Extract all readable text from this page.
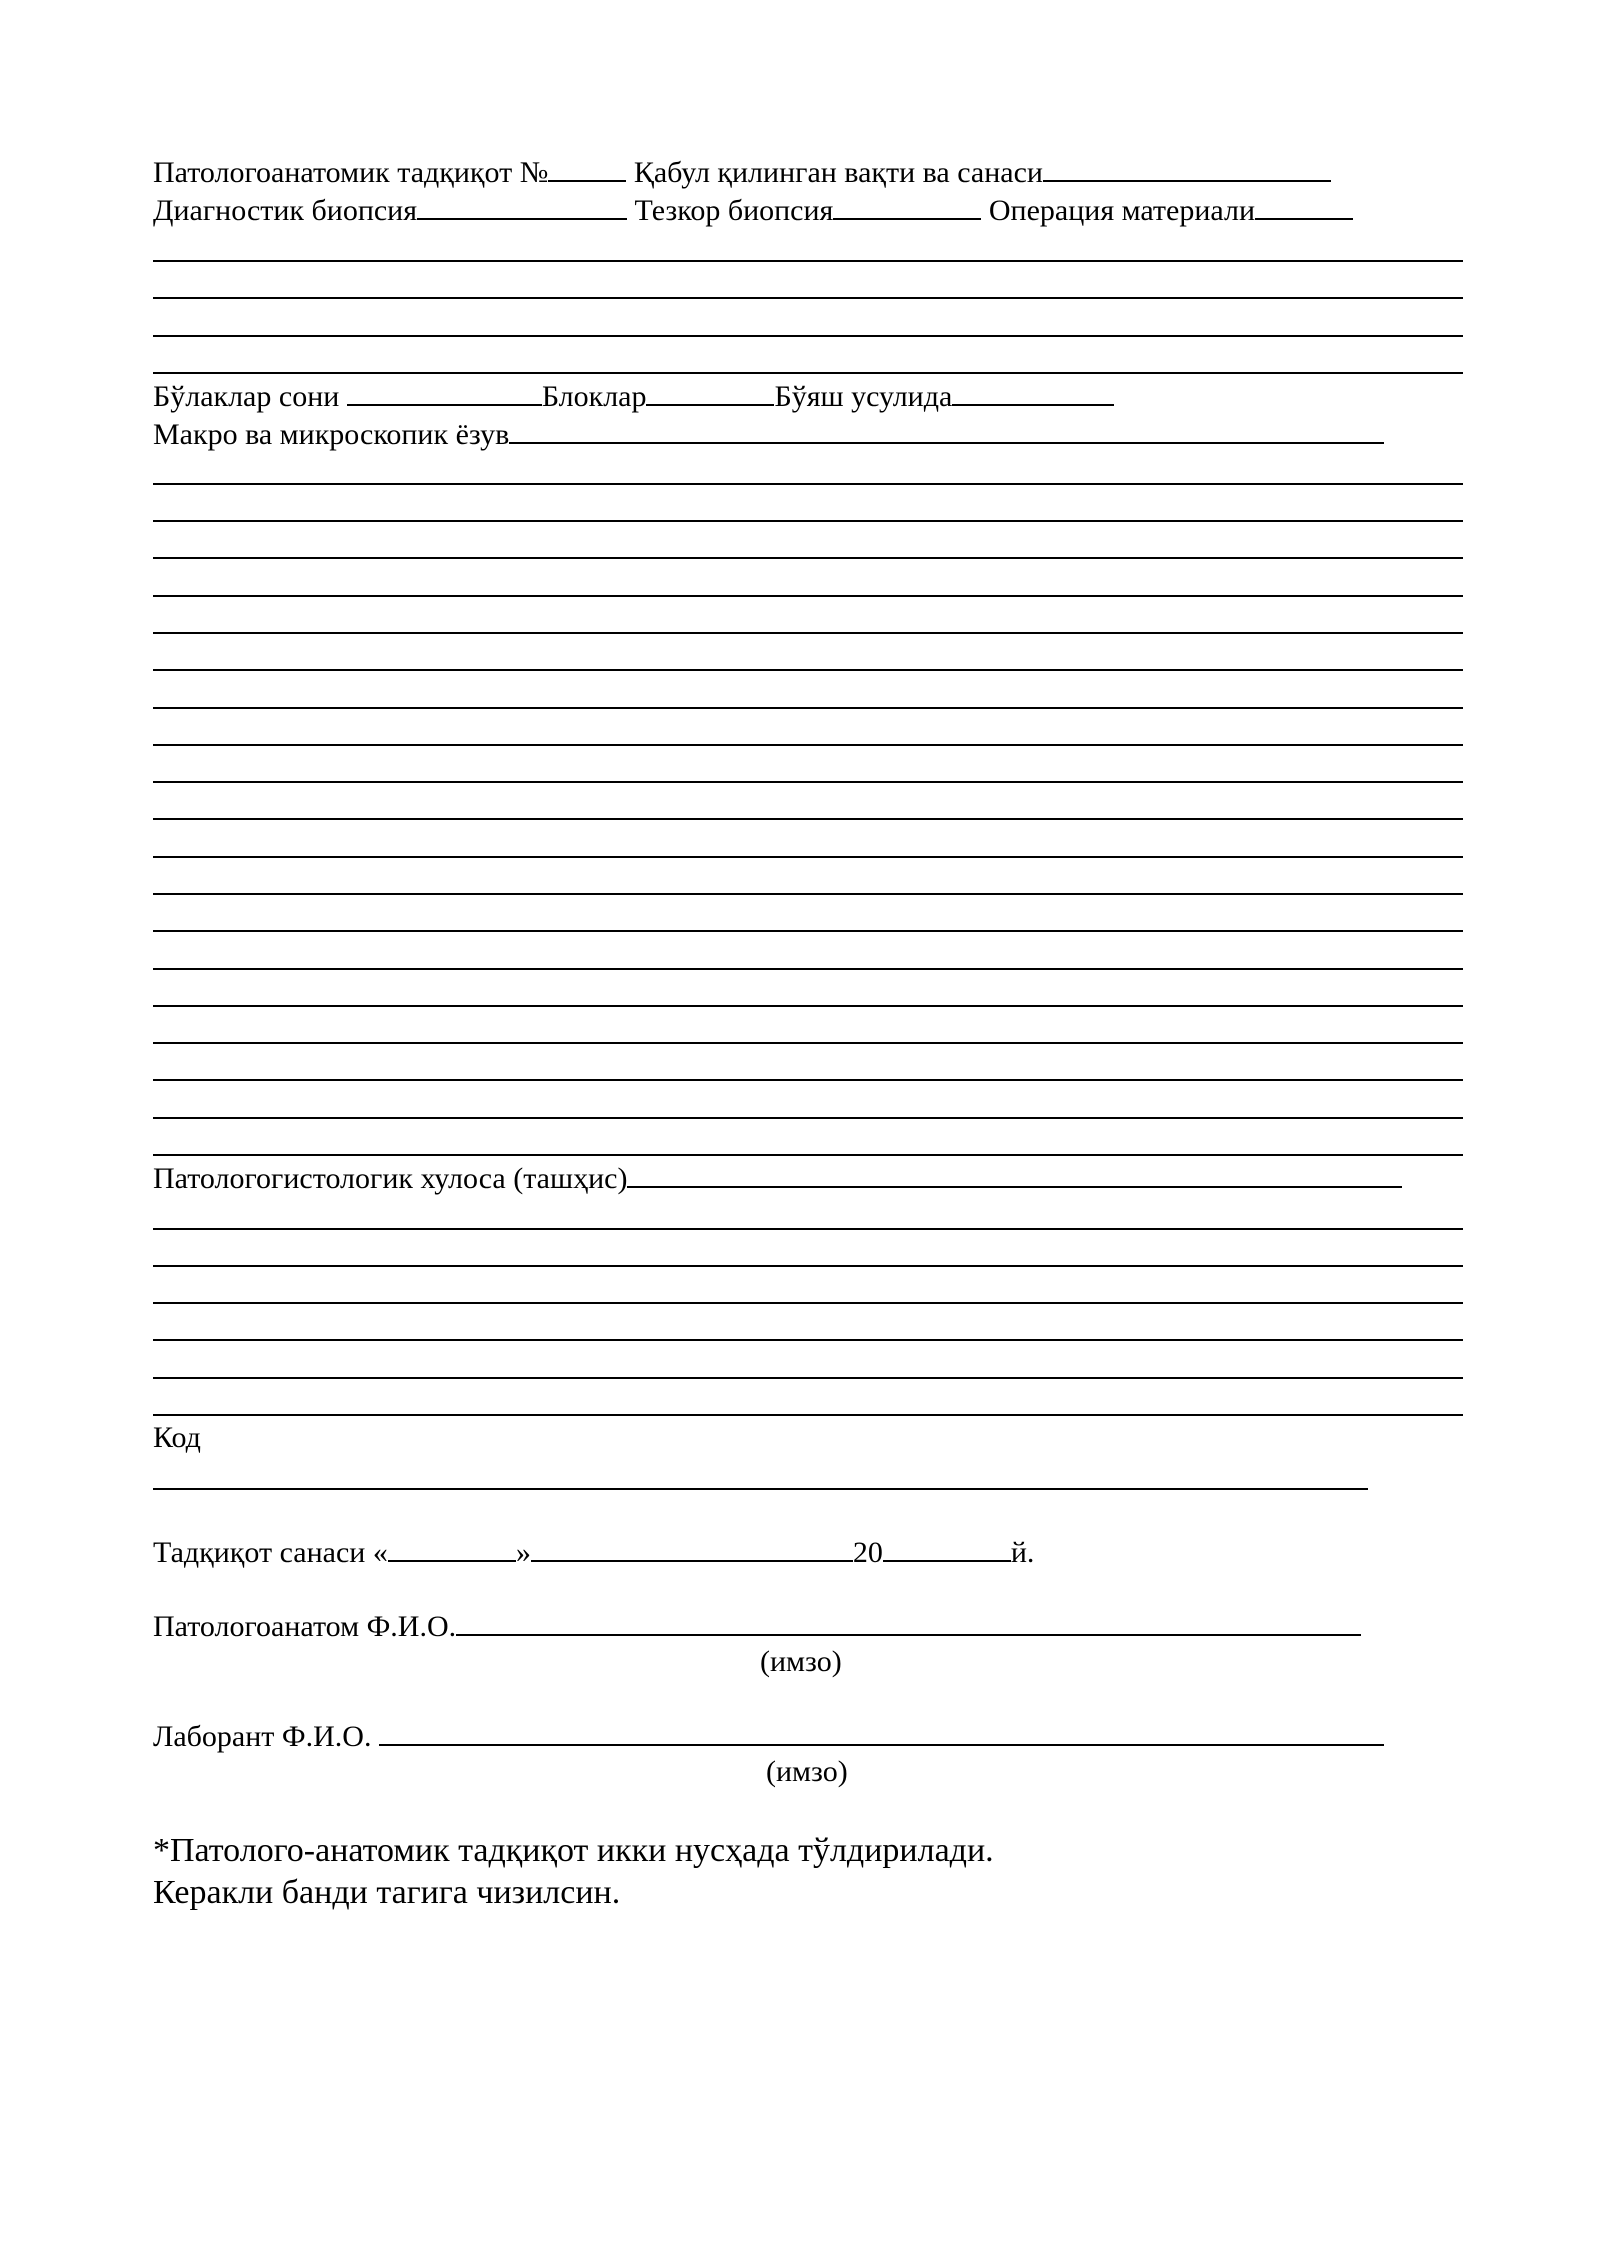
Патологоанатомик тадқиқот №	Қабул қилинган вақти ва санаси
Диагностик биопсия	Тезкор биопсия	Операция материали
Бўлаклар сони	Блоклар	Бўяш усулида
Макро ва микроскопик ёзув
Патологогистологик хулоса (ташҳис)
Код
Тадқиқот санаси «	»	20	й.
Патологоанатом Ф.И.О.
(имзо)
Лаборант Ф.И.О.
(имзо)
*Патолого-анатомик тадқиқот икки нусҳада тўлдирилади.
Керакли банди тагига чизилсин.
